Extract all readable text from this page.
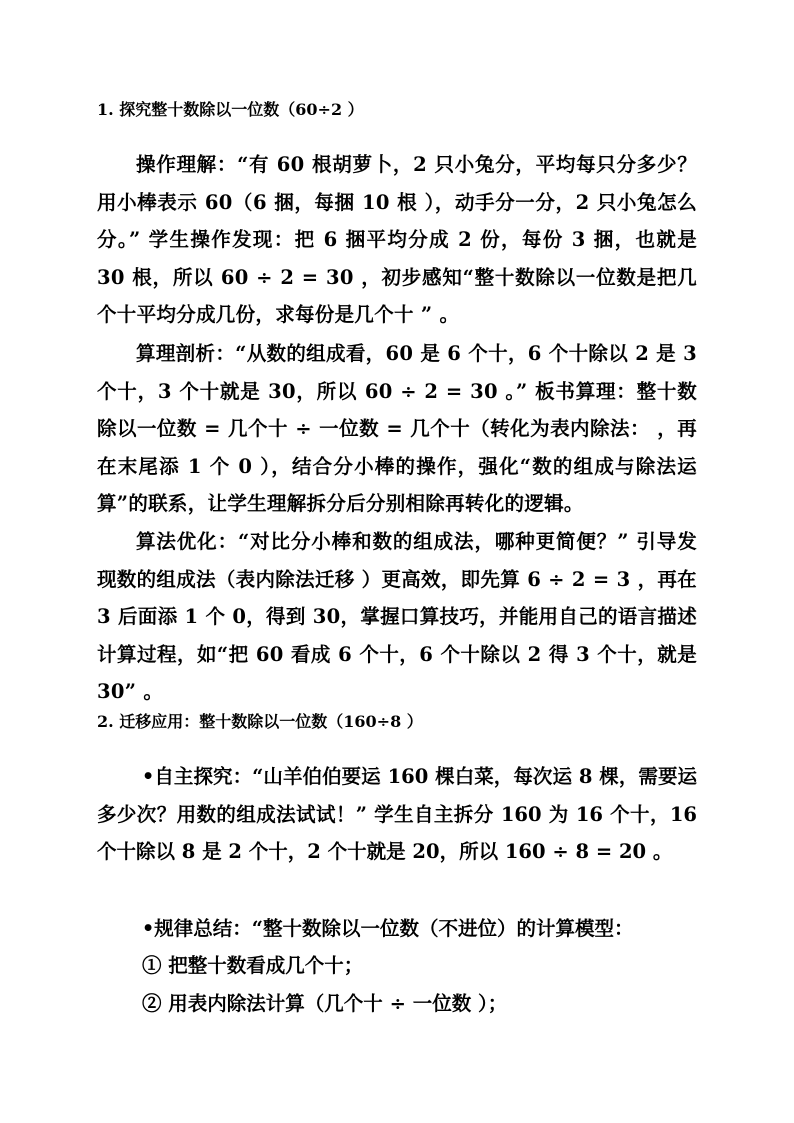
1. 探究整十数除以一位数（60÷2 ）
操作理解：“有 60 根胡萝卜，2 只小兔分，平均每只分多少？用小棒表示 60（6 捆，每捆 10 根 ），动手分一分，2 只小兔怎么分。” 学生操作发现：把 6 捆平均分成 2 份，每份 3 捆，也就是 30 根，所以 60 ÷ 2 = 30 ，初步感知“整十数除以一位数是把几个十平均分成几份，求每份是几个十 ” 。
算理剖析：“从数的组成看，60 是 6 个十，6 个十除以 2 是 3 个十，3 个十就是 30，所以 60 ÷ 2 = 30 。” 板书算理：整十数除以一位数 = 几个十 ÷ 一位数 = 几个十（转化为表内除法： ，再在末尾添 1 个 0 ），结合分小棒的操作，强化“数的组成与除法运算”的联系，让学生理解拆分后分别相除再转化的逻辑。
算法优化：“对比分小棒和数的组成法，哪种更简便？” 引导发现数的组成法（表内除法迁移 ）更高效，即先算 6 ÷ 2 = 3 ，再在 3 后面添 1 个 0，得到 30，掌握口算技巧，并能用自己的语言描述计算过程，如“把 60 看成 6 个十，6 个十除以 2 得 3 个十，就是 30” 。
2. 迁移应用：整十数除以一位数（160÷8 ）
•自主探究：“山羊伯伯要运 160 棵白菜，每次运 8 棵，需要运多少次？用数的组成法试试！” 学生自主拆分 160 为 16 个十，16 个十除以 8 是 2 个十，2 个十就是 20，所以 160 ÷ 8 = 20 。
•规律总结：“整十数除以一位数（不进位）的计算模型：
① 把整十数看成几个十；
② 用表内除法计算（几个十 ÷ 一位数 ）；
